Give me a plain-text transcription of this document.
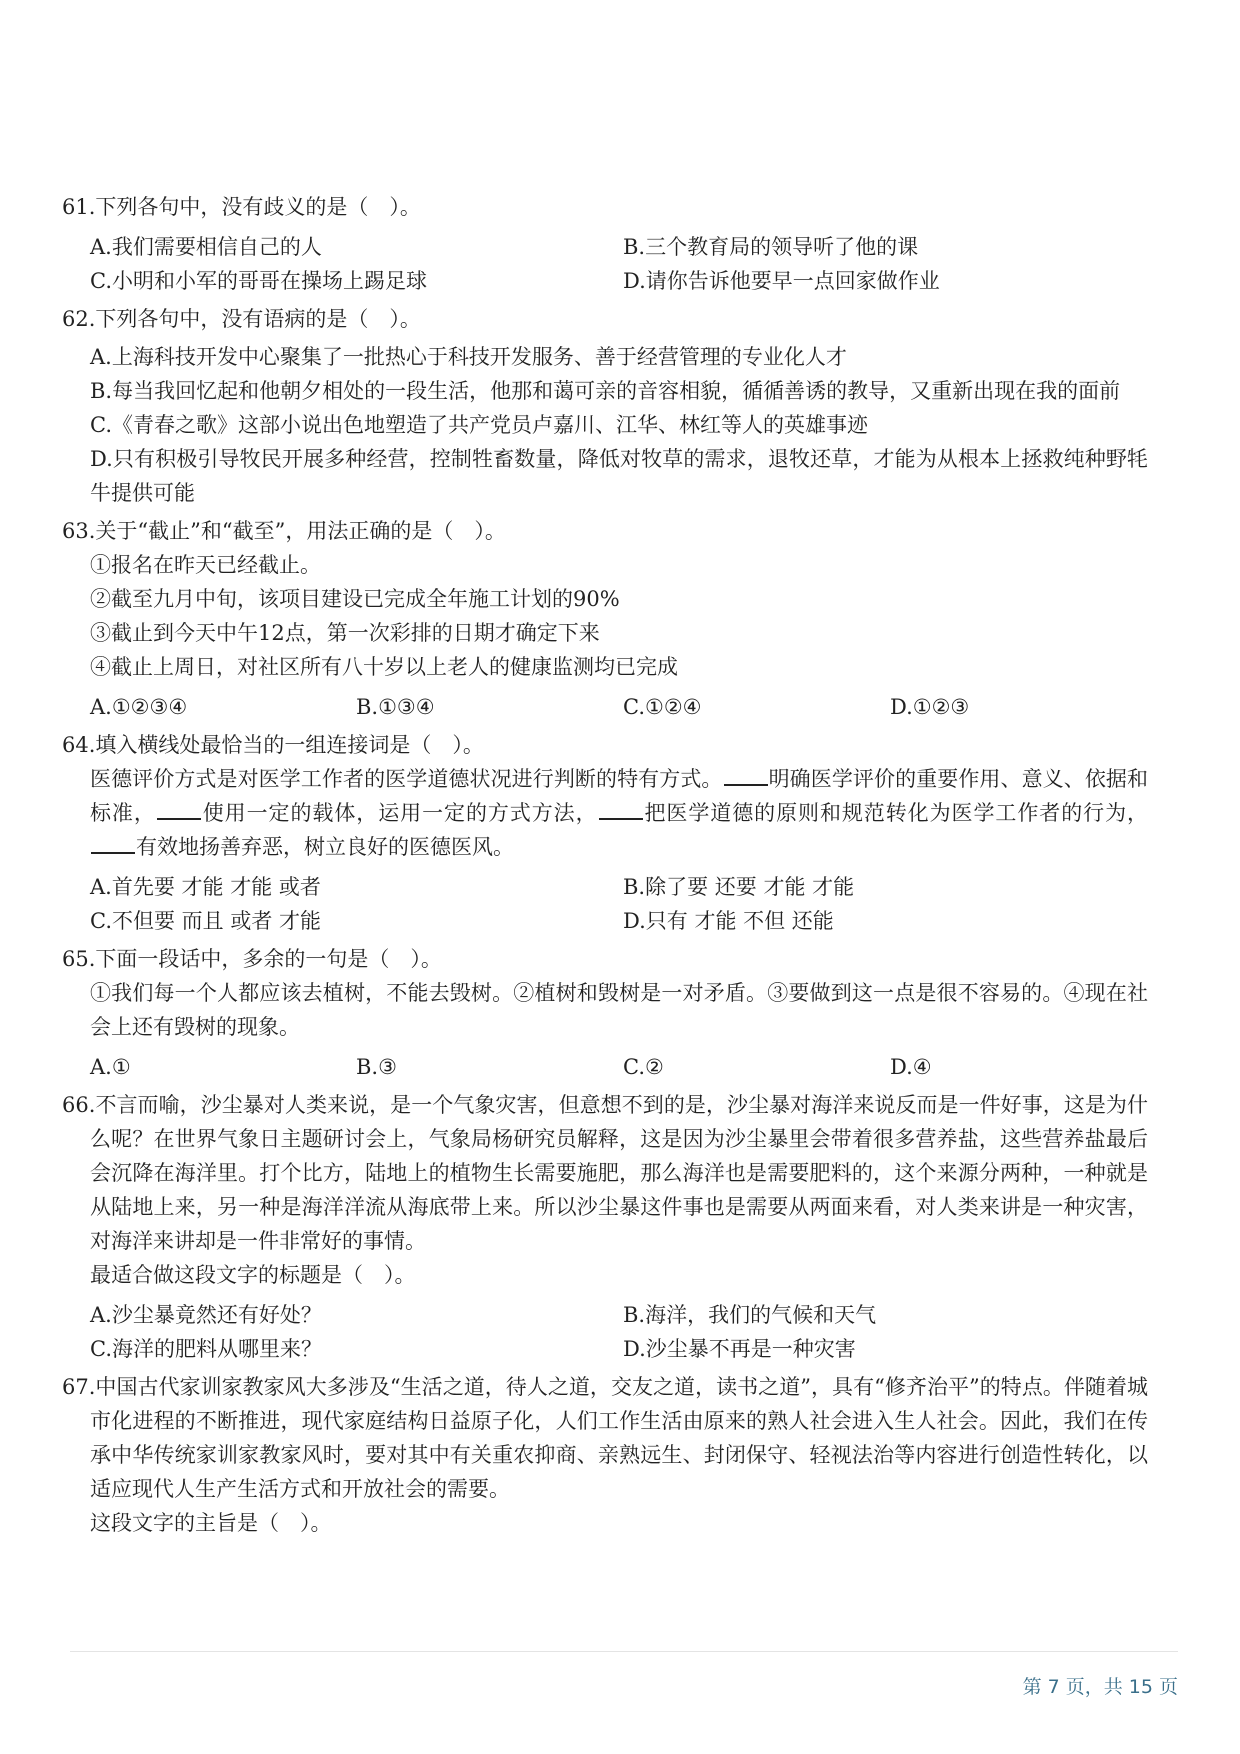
61.下列各句中，没有歧义的是（　）。
A.我们需要相信自己的人	B.三个教育局的领导听了他的课
C.小明和小军的哥哥在操场上踢足球	D.请你告诉他要早一点回家做作业
62.下列各句中，没有语病的是（　）。
A.上海科技开发中心聚集了一批热心于科技开发服务、善于经营管理的专业化人才
B.每当我回忆起和他朝夕相处的一段生活，他那和蔼可亲的音容相貌，循循善诱的教导，又重新出现在我的面前
C.《青春之歌》这部小说出色地塑造了共产党员卢嘉川、江华、林红等人的英雄事迹
D.只有积极引导牧民开展多种经营，控制牲畜数量，降低对牧草的需求，退牧还草，才能为从根本上拯救纯种野牦牛提供可能
63.关于“截止”和“截至”，用法正确的是（　）。
①报名在昨天已经截止。
②截至九月中旬，该项目建设已完成全年施工计划的90%
③截止到今天中午12点，第一次彩排的日期才确定下来
④截止上周日，对社区所有八十岁以上老人的健康监测均已完成
A.①②③④	B.①③④	C.①②④	D.①②③
64.填入横线处最恰当的一组连接词是（　）。
医德评价方式是对医学工作者的医学道德状况进行判断的特有方式。 明确医学评价的重要作用、意义、依据和标准， 使用一定的载体，运用一定的方式方法， 把医学道德的原则和规范转化为医学工作者的行为，有效地扬善弃恶，树立良好的医德医风。
A.首先要 才能 才能 或者	B.除了要 还要 才能 才能
C.不但要 而且 或者 才能	D.只有 才能 不但 还能
65.下面一段话中，多余的一句是（　）。
①我们每一个人都应该去植树，不能去毁树。②植树和毁树是一对矛盾。③要做到这一点是很不容易的。④现在社会上还有毁树的现象。
A.①	B.③	C.②	D.④
66.不言而喻，沙尘暴对人类来说，是一个气象灾害，但意想不到的是，沙尘暴对海洋来说反而是一件好事，这是为什么呢？在世界气象日主题研讨会上，气象局杨研究员解释，这是因为沙尘暴里会带着很多营养盐，这些营养盐最后会沉降在海洋里。打个比方，陆地上的植物生长需要施肥，那么海洋也是需要肥料的，这个来源分两种，一种就是从陆地上来，另一种是海洋洋流从海底带上来。所以沙尘暴这件事也是需要从两面来看，对人类来讲是一种灾害，对海洋来讲却是一件非常好的事情。
最适合做这段文字的标题是（　）。
A.沙尘暴竟然还有好处？	B.海洋，我们的气候和天气
C.海洋的肥料从哪里来？	D.沙尘暴不再是一种灾害
67.中国古代家训家教家风大多涉及“生活之道，待人之道，交友之道，读书之道”，具有“修齐治平”的特点。伴随着城市化进程的不断推进，现代家庭结构日益原子化，人们工作生活由原来的熟人社会进入生人社会。因此，我们在传承中华传统家训家教家风时，要对其中有关重农抑商、亲熟远生、封闭保守、轻视法治等内容进行创造性转化，以适应现代人生产生活方式和开放社会的需要。
这段文字的主旨是（　）。
第 7 页，共 15 页
